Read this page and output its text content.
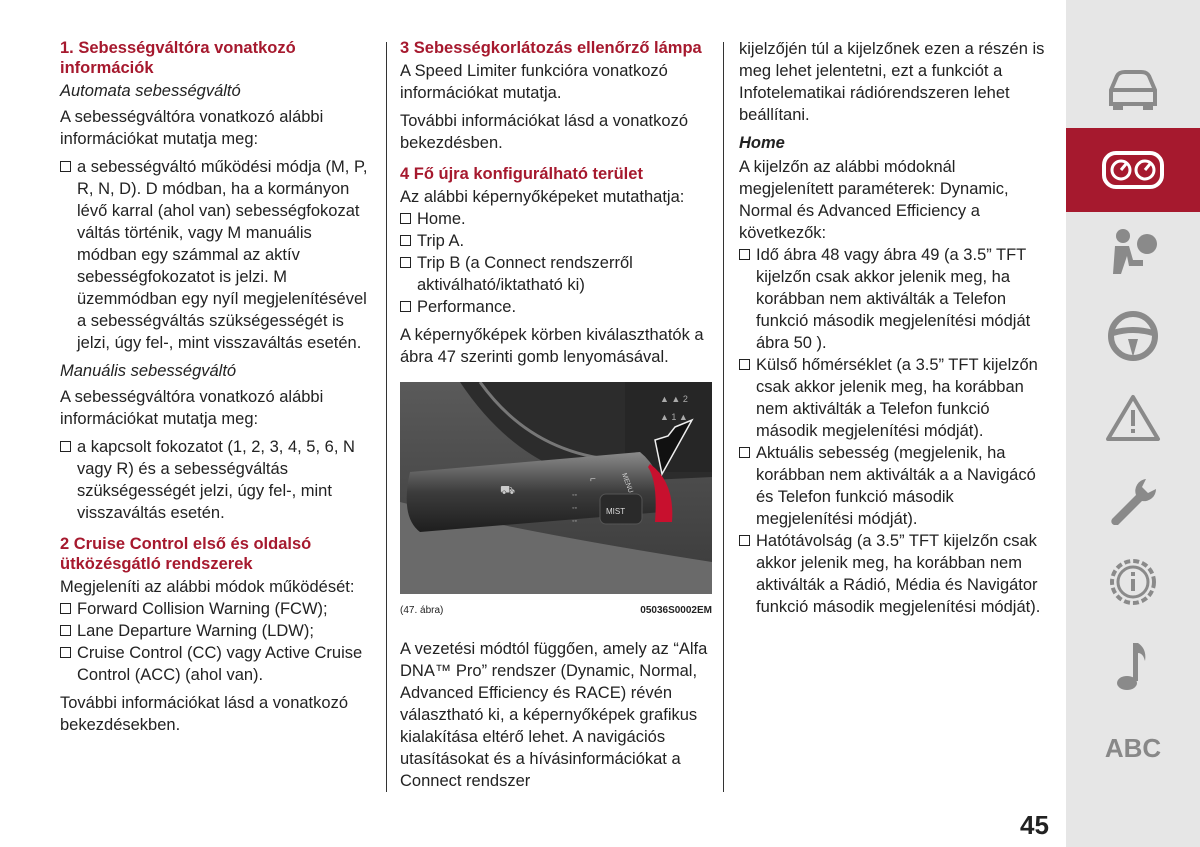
1. Sebességváltóra vonatkozó információk

Automata sebességváltó

A sebességváltóra vonatkozó alábbi információkat mutatja meg:

a sebességváltó működési módja (M, P, R, N, D). D módban, ha a kormányon lévő karral (ahol van) sebességfokozat váltás történik, vagy M manuális módban egy számmal az aktív sebességfokozatot is jelzi. M üzemmódban egy nyíl megjelenítésével a sebességváltás szükségességét is jelzi, úgy fel-, mint visszaváltás esetén.

Manuális sebességváltó

A sebességváltóra vonatkozó alábbi információkat mutatja meg:

a kapcsolt fokozatot (1, 2, 3, 4, 5, 6, N vagy R) és a sebességváltás szükségességét jelzi, úgy fel-, mint visszaváltás esetén.
2 Cruise Control első és oldalsó ütközésgátló rendszerek

Megjeleníti az alábbi módok működését:

Forward Collision Warning (FCW);
Lane Departure Warning (LDW);
Cruise Control (CC) vagy Active Cruise Control (ACC) (ahol van).

További információkat lásd a vonatkozó bekezdésekben.

3 Sebességkorlátozás ellenőrző lámpa

A Speed Limiter funkcióra vonatkozó információkat mutatja.

További információkat lásd a vonatkozó bekezdésben.

4 Fő újra konfigurálható terület

Az alábbi képernyőképeket mutathatja:

Home.
Trip A.
Trip B (a Connect rendszerről aktiválható/iktatható ki)
Performance.

A képernyőképek körben kiválaszthatók a ábra 47 szerinti gomb lenyomásával.

▲ ▲ 2
▲ 1 ▲
MIST
MENU
⛟
⌐
◦◦
◦◦
◦◦
(47. ábra)	05036S0002EM

A vezetési módtól függően, amely az “Alfa DNA™ Pro” rendszer (Dynamic, Normal, Advanced Efficiency és RACE) révén választható ki, a képernyőképek grafikus kialakítása eltérő lehet. A navigációs utasításokat és a hívásinformációkat a Connect rendszer

kijelzőjén túl a kijelzőnek ezen a részén is meg lehet jelentetni, ezt a funkciót a Infotelematikai rádiórendszeren lehet beállítani.

Home

A kijelzőn az alábbi módoknál megjelenített paraméterek: Dynamic, Normal és Advanced Efficiency a következők:

Idő ábra 48 vagy ábra 49 (a 3.5” TFT kijelzőn csak akkor jelenik meg, ha korábban nem aktiválták a Telefon funkció második megjelenítési módját ábra 50 ).
Külső hőmérséklet (a 3.5” TFT kijelzőn csak akkor jelenik meg, ha korábban nem aktiválták a Telefon funkció második megjelenítési módját).
Aktuális sebesség (megjelenik, ha korábban nem aktiválták a a Navigácó és Telefon funkció második megjelenítési módját).
Hatótávolság (a 3.5” TFT kijelzőn csak akkor jelenik meg, ha korábban nem aktiválták a Rádió, Média és Navigátor funkció második megjelenítési módját).
ABC
45
